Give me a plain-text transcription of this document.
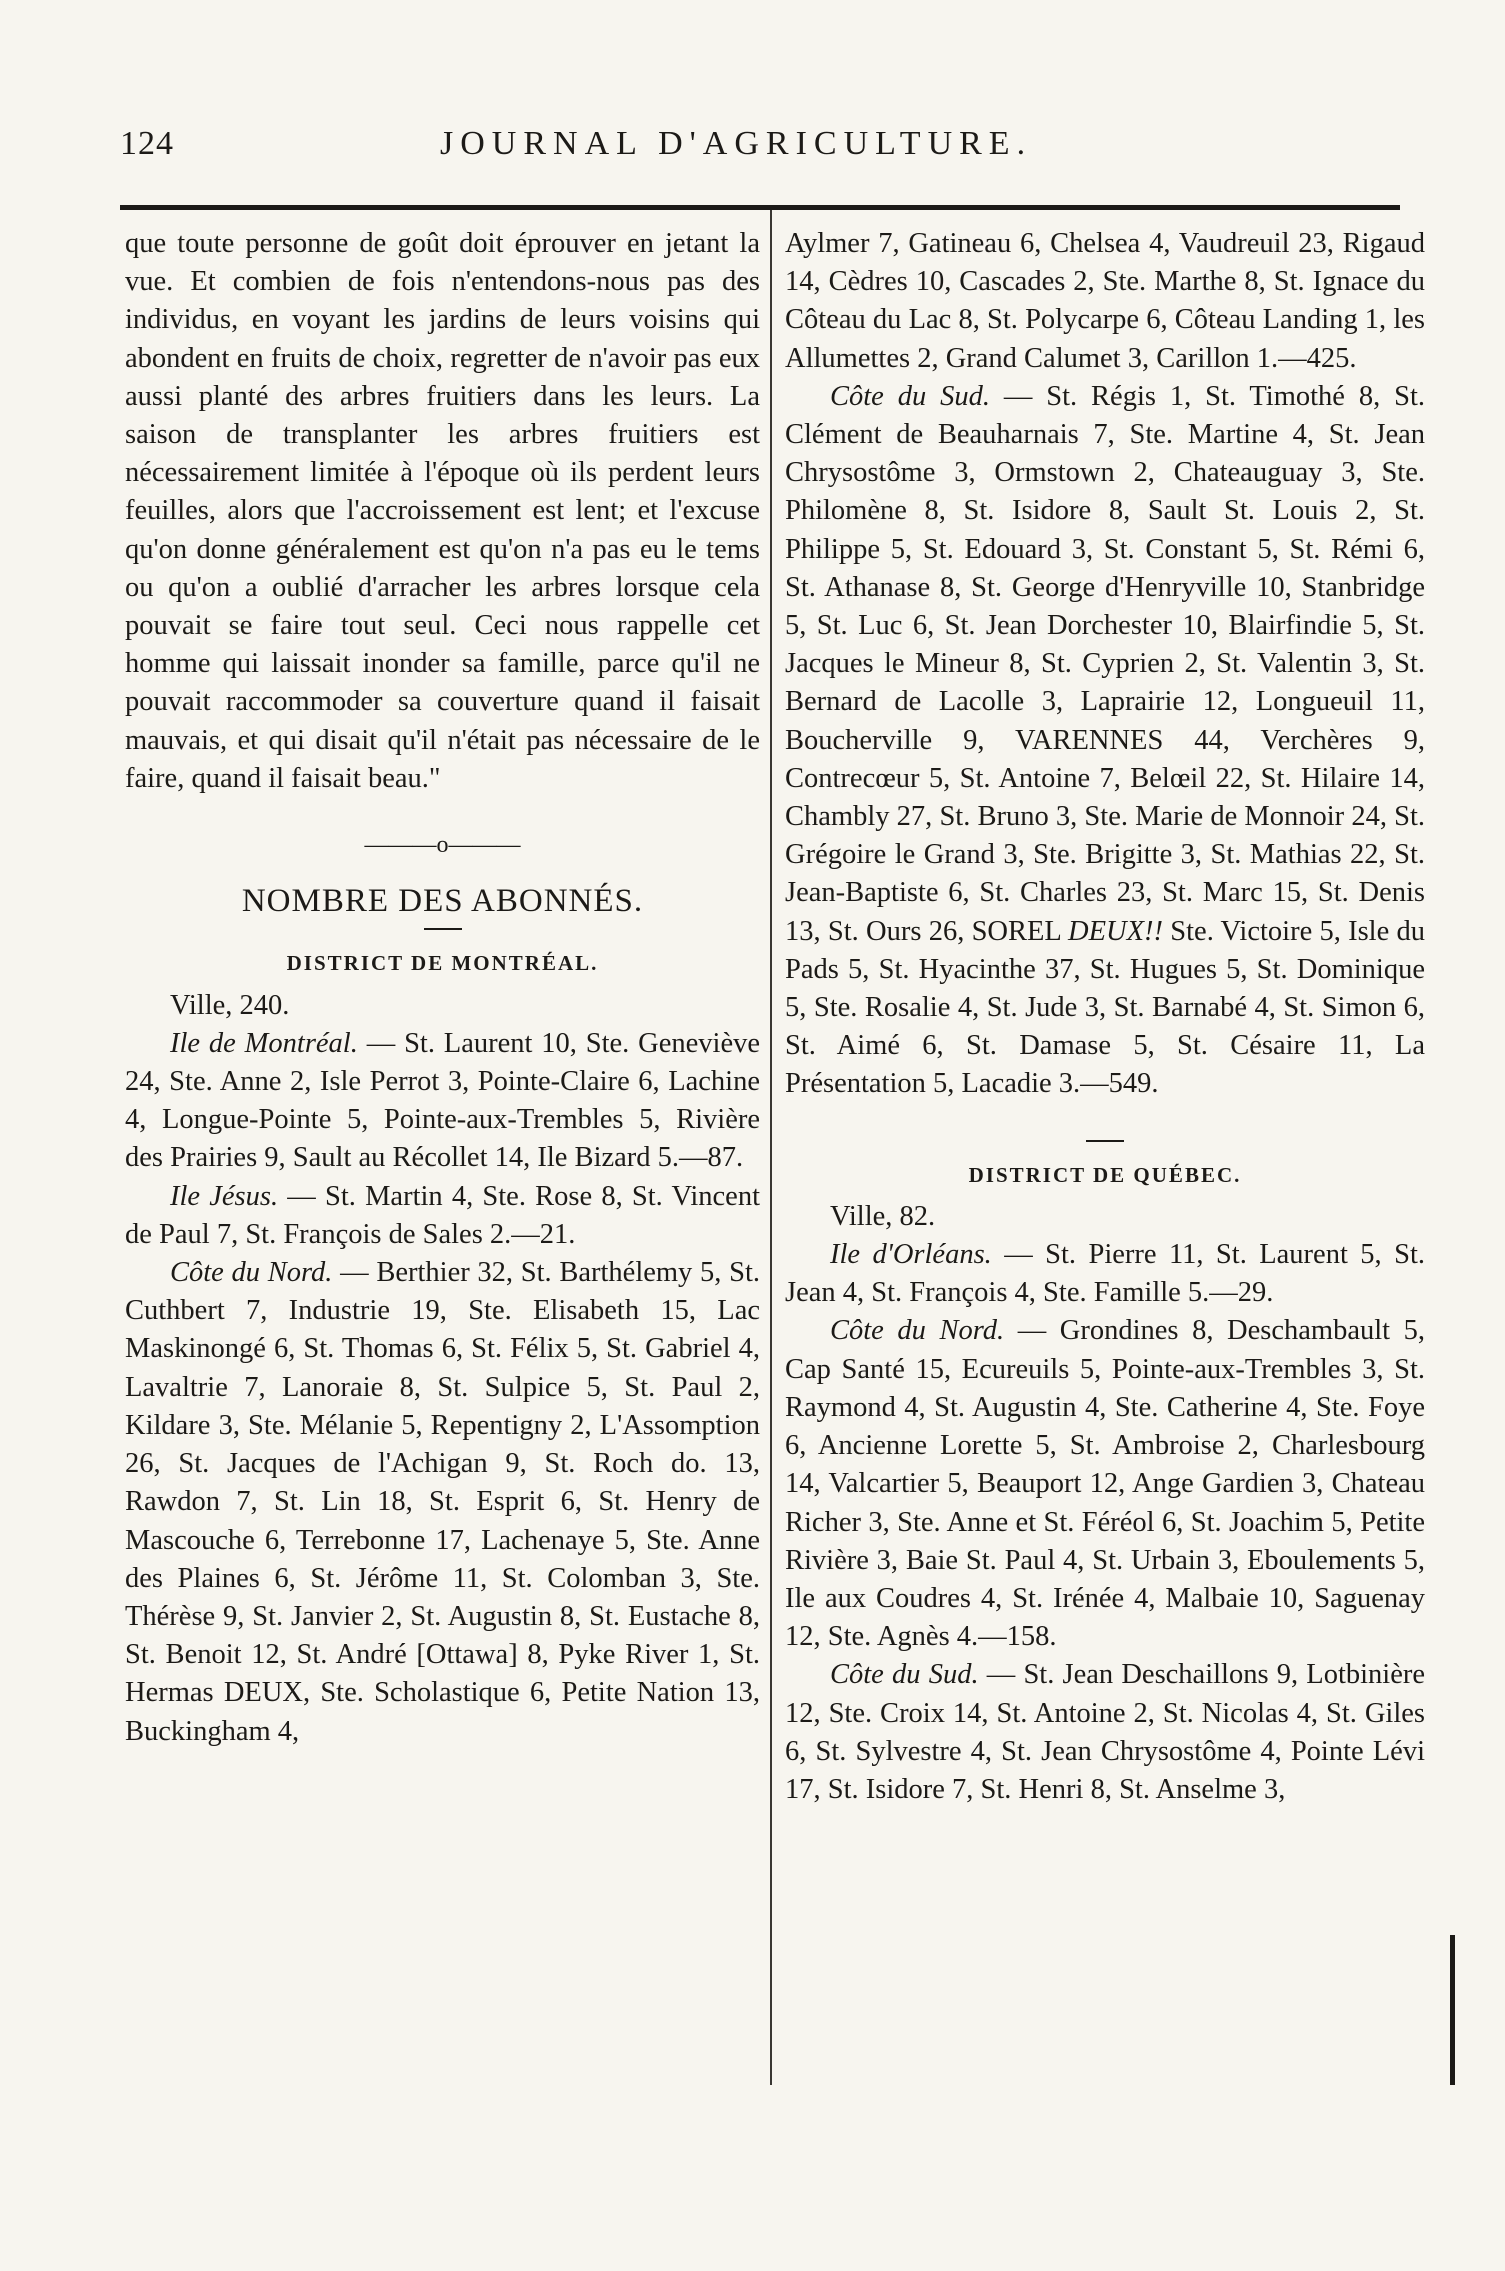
124	JOURNAL D'AGRICULTURE.

que toute personne de goût doit éprouver en jetant la vue. Et combien de fois n'entendons-nous pas des individus, en voyant les jardins de leurs voisins qui abondent en fruits de choix, regretter de n'avoir pas eux aussi planté des arbres fruitiers dans les leurs. La saison de transplanter les arbres fruitiers est nécessairement limitée à l'époque où ils perdent leurs feuilles, alors que l'accroissement est lent; et l'excuse qu'on donne généralement est qu'on n'a pas eu le tems ou qu'on a oublié d'arracher les arbres lorsque cela pouvait se faire tout seul. Ceci nous rappelle cet homme qui laissait inonder sa famille, parce qu'il ne pouvait raccommoder sa couverture quand il faisait mauvais, et qui disait qu'il n'était pas nécessaire de le faire, quand il faisait beau."

———o———
NOMBRE DES ABONNÉS.
DISTRICT DE MONTRÉAL.

Ville, 240.

Ile de Montréal. — St. Laurent 10, Ste. Geneviève 24, Ste. Anne 2, Isle Perrot 3, Pointe-Claire 6, Lachine 4, Longue-Pointe 5, Pointe-aux-Trembles 5, Rivière des Prairies 9, Sault au Récollet 14, Ile Bizard 5.—87.

Ile Jésus. — St. Martin 4, Ste. Rose 8, St. Vincent de Paul 7, St. François de Sales 2.—21.

Côte du Nord. — Berthier 32, St. Barthélemy 5, St. Cuthbert 7, Industrie 19, Ste. Elisabeth 15, Lac Maskinongé 6, St. Thomas 6, St. Félix 5, St. Gabriel 4, Lavaltrie 7, Lanoraie 8, St. Sulpice 5, St. Paul 2, Kildare 3, Ste. Mélanie 5, Repentigny 2, L'Assomption 26, St. Jacques de l'Achigan 9, St. Roch do. 13, Rawdon 7, St. Lin 18, St. Esprit 6, St. Henry de Mascouche 6, Terrebonne 17, Lachenaye 5, Ste. Anne des Plaines 6, St. Jérôme 11, St. Colomban 3, Ste. Thérèse 9, St. Janvier 2, St. Augustin 8, St. Eustache 8, St. Benoit 12, St. André [Ottawa] 8, Pyke River 1, St. Hermas DEUX, Ste. Scholastique 6, Petite Nation 13, Buckingham 4,

Aylmer 7, Gatineau 6, Chelsea 4, Vaudreuil 23, Rigaud 14, Cèdres 10, Cascades 2, Ste. Marthe 8, St. Ignace du Côteau du Lac 8, St. Polycarpe 6, Côteau Landing 1, les Allumettes 2, Grand Calumet 3, Carillon 1.—425.

Côte du Sud. — St. Régis 1, St. Timothé 8, St. Clément de Beauharnais 7, Ste. Martine 4, St. Jean Chrysostôme 3, Ormstown 2, Chateauguay 3, Ste. Philomène 8, St. Isidore 8, Sault St. Louis 2, St. Philippe 5, St. Edouard 3, St. Constant 5, St. Rémi 6, St. Athanase 8, St. George d'Henryville 10, Stanbridge 5, St. Luc 6, St. Jean Dorchester 10, Blairfindie 5, St. Jacques le Mineur 8, St. Cyprien 2, St. Valentin 3, St. Bernard de Lacolle 3, Laprairie 12, Longueuil 11, Boucherville 9, VARENNES 44, Verchères 9, Contrecœur 5, St. Antoine 7, Belœil 22, St. Hilaire 14, Chambly 27, St. Bruno 3, Ste. Marie de Monnoir 24, St. Grégoire le Grand 3, Ste. Brigitte 3, St. Mathias 22, St. Jean-Baptiste 6, St. Charles 23, St. Marc 15, St. Denis 13, St. Ours 26, SOREL DEUX!! Ste. Victoire 5, Isle du Pads 5, St. Hyacinthe 37, St. Hugues 5, St. Dominique 5, Ste. Rosalie 4, St. Jude 3, St. Barnabé 4, St. Simon 6, St. Aimé 6, St. Damase 5, St. Césaire 11, La Présentation 5, Lacadie 3.—549.

DISTRICT DE QUÉBEC.

Ville, 82.

Ile d'Orléans. — St. Pierre 11, St. Laurent 5, St. Jean 4, St. François 4, Ste. Famille 5.—29.

Côte du Nord. — Grondines 8, Deschambault 5, Cap Santé 15, Ecureuils 5, Pointe-aux-Trembles 3, St. Raymond 4, St. Augustin 4, Ste. Catherine 4, Ste. Foye 6, Ancienne Lorette 5, St. Ambroise 2, Charlesbourg 14, Valcartier 5, Beauport 12, Ange Gardien 3, Chateau Richer 3, Ste. Anne et St. Féréol 6, St. Joachim 5, Petite Rivière 3, Baie St. Paul 4, St. Urbain 3, Eboulements 5, Ile aux Coudres 4, St. Irénée 4, Malbaie 10, Saguenay 12, Ste. Agnès 4.—158.

Côte du Sud. — St. Jean Deschaillons 9, Lotbinière 12, Ste. Croix 14, St. Antoine 2, St. Nicolas 4, St. Giles 6, St. Sylvestre 4, St. Jean Chrysostôme 4, Pointe Lévi 17, St. Isidore 7, St. Henri 8, St. Anselme 3,
